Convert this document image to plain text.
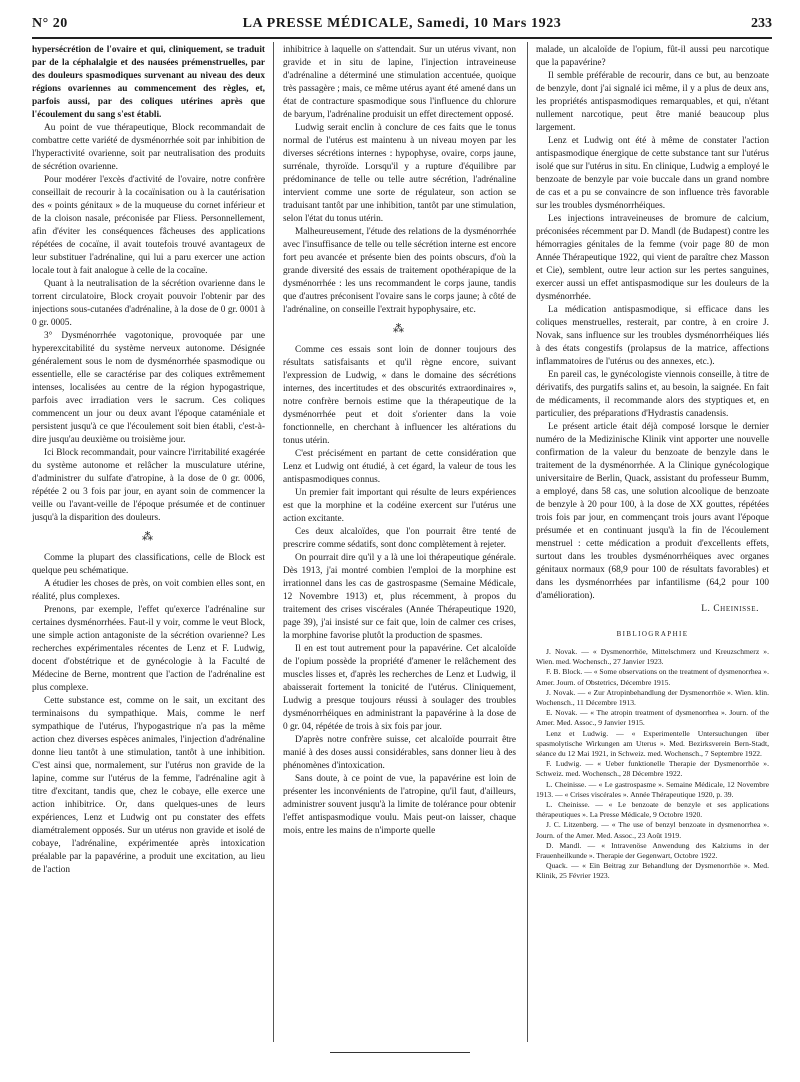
N° 20	LA PRESSE MÉDICALE, Samedi, 10 Mars 1923	233

hypersécrétion de l'ovaire et qui, cliniquement, se traduit par de la céphalalgie et des nausées prémenstruelles, par des douleurs spasmodiques survenant au niveau des deux régions ovariennes au commencement des règles, et, parfois aussi, par des coliques utérines après que l'écoulement du sang s'est établi.

Au point de vue thérapeutique, Block recommandait de combattre cette variété de dysménorrhée soit par inhibition de l'hyperactivité ovarienne, soit par neutralisation des produits de sécrétion ovarienne.

Pour modérer l'excès d'activité de l'ovaire, notre confrère conseillait de recourir à la cocaïnisation ou à la cautérisation des « points génitaux » de la muqueuse du cornet inférieur et de la cloison nasale, préconisée par Fliess. Personnellement, afin d'éviter les conséquences fâcheuses des applications répétées de cocaïne, il avait toutefois trouvé avantageux de leur substituer l'adrénaline, qui lui a paru exercer une action locale tout à fait analogue à celle de la cocaïne.

Quant à la neutralisation de la sécrétion ovarienne dans le torrent circulatoire, Block croyait pouvoir l'obtenir par des injections sous-cutanées d'adrénaline, à la dose de 0 gr. 0001 à 0 gr. 0005.

3° Dysménorrhée vagotonique, provoquée par une hyperexcitabilité du système nerveux autonome. Désignée généralement sous le nom de dysménorrhée spasmodique ou essentielle, elle se caractérise par des coliques extrêmement intenses, localisées au centre de la région hypogastrique, parfois avec irradiation vers le sacrum. Ces coliques commencent un jour ou deux avant l'époque cataméniale et persistent jusqu'à ce que l'écoulement soit bien établi, c'est-à-dire jusqu'au deuxième ou troisième jour.

Ici Block recommandait, pour vaincre l'irritabilité exagérée du système autonome et relâcher la musculature utérine, d'administrer du sulfate d'atropine, à la dose de 0 gr. 0006, répétée 2 ou 3 fois par jour, en ayant soin de commencer la veille ou l'avant-veille de l'époque présumée et de continuer jusqu'à la disparition des douleurs.

⁂

Comme la plupart des classifications, celle de Block est quelque peu schématique.

A étudier les choses de près, on voit combien elles sont, en réalité, plus complexes.

Prenons, par exemple, l'effet qu'exerce l'adrénaline sur certaines dysménorrhées. Faut-il y voir, comme le veut Block, une simple action antagoniste de la sécrétion ovarienne? Les recherches expérimentales récentes de Lenz et F. Ludwig, docent d'obstétrique et de gynécologie à la Faculté de Médecine de Berne, montrent que l'action de l'adrénaline est plus complexe.

Cette substance est, comme on le sait, un excitant des terminaisons du sympathique. Mais, comme le nerf sympathique de l'utérus, l'hypogastrique n'a pas la même action chez diverses espèces animales, l'injection d'adrénaline donne lieu tantôt à une stimulation, tantôt à une inhibition. C'est ainsi que, normalement, sur l'utérus non gravide de la lapine, comme sur l'utérus de la femme, l'adrénaline agit à titre d'excitant, tandis que, chez le cobaye, elle exerce une action inhibitrice. Or, dans quelques-unes de leurs expériences, Lenz et Ludwig ont pu constater des effets diamétralement opposés. Sur un utérus non gravide et isolé de cobaye, l'adrénaline, expérimentée après intoxication préalable par la papavérine, a produit une excitation, au lieu de l'action

inhibitrice à laquelle on s'attendait. Sur un utérus vivant, non gravide et in situ de lapine, l'injection intraveineuse d'adrénaline a déterminé une stimulation accentuée, quoique très passagère ; mais, ce même utérus ayant été amené dans un état de contracture spasmodique sous l'influence du chlorure de baryum, l'adrénaline produisit un effet directement opposé.

Ludwig serait enclin à conclure de ces faits que le tonus normal de l'utérus est maintenu à un niveau moyen par les diverses sécrétions internes : hypophyse, ovaire, corps jaune, surrénale, thyroïde. Lorsqu'il y a rupture d'équilibre par prédominance de telle ou telle autre sécrétion, l'adrénaline intervient comme une sorte de régulateur, son action se traduisant tantôt par une inhibition, tantôt par une stimulation, selon l'état du tonus utérin.

Malheureusement, l'étude des relations de la dysménorrhée avec l'insuffisance de telle ou telle sécrétion interne est encore fort peu avancée et présente bien des points obscurs, d'où la grande diversité des essais de traitement opothérapique de la dysménorrhée : les uns recommandent le corps jaune, tandis que d'autres préconisent l'ovaire sans le corps jaune; à côté de l'adrénaline, on conseille l'extrait hypophysaire, etc.

⁂

Comme ces essais sont loin de donner toujours des résultats satisfaisants et qu'il règne encore, suivant l'expression de Ludwig, « dans le domaine des sécrétions internes, des incertitudes et des obscurités extraordinaires », notre confrère bernois estime que la thérapeutique de la dysménorrhée peut et doit s'orienter dans la voie fonctionnelle, en cherchant à influencer les altérations du tonus utérin.

C'est précisément en partant de cette considération que Lenz et Ludwig ont étudié, à cet égard, la valeur de tous les antispasmodiques connus.

Un premier fait important qui résulte de leurs expériences est que la morphine et la codéine exercent sur l'utérus une action excitante.

Ces deux alcaloïdes, que l'on pourrait être tenté de prescrire comme sédatifs, sont donc complètement à rejeter.

On pourrait dire qu'il y a là une loi thérapeutique générale. Dès 1913, j'ai montré combien l'emploi de la morphine est irrationnel dans les cas de gastrospasme (Semaine Médicale, 12 Novembre 1913) et, plus récemment, à propos du traitement des crises viscérales (Année Thérapeutique 1920, page 39), j'ai insisté sur ce fait que, loin de calmer ces crises, la morphine favorise plutôt la production de spasmes.

Il en est tout autrement pour la papavérine. Cet alcaloïde de l'opium possède la propriété d'amener le relâchement des muscles lisses et, d'après les recherches de Lenz et Ludwig, il abaisserait fortement la tonicité de l'utérus. Cliniquement, Ludwig a presque toujours réussi à soulager des troubles dysménorrhéiques en administrant la papavérine à la dose de 0 gr. 04, répétée de trois à six fois par jour.

D'après notre confrère suisse, cet alcaloïde pourrait être manié à des doses aussi considérables, sans donner lieu à des phénomènes d'intoxication.

Sans doute, à ce point de vue, la papavérine est loin de présenter les inconvénients de l'atropine, qu'il faut, d'ailleurs, administrer souvent jusqu'à la limite de tolérance pour obtenir l'effet antispasmodique voulu. Mais peut-on laisser, chaque mois, entre les mains de n'importe quelle

malade, un alcaloïde de l'opium, fût-il aussi peu narcotique que la papavérine?

Il semble préférable de recourir, dans ce but, au benzoate de benzyle, dont j'ai signalé ici même, il y a plus de deux ans, les propriétés antispasmodiques remarquables, et qui, n'étant nullement narcotique, peut être manié beaucoup plus largement.

Lenz et Ludwig ont été à même de constater l'action antispasmodique énergique de cette substance tant sur l'utérus isolé que sur l'utérus in situ. En clinique, Ludwig a employé le benzoate de benzyle par voie buccale dans un grand nombre de cas et a pu se convaincre de son influence très favorable sur les troubles dysménorrhéiques.

Les injections intraveineuses de bromure de calcium, préconisées récemment par D. Mandl (de Budapest) contre les hémorragies génitales de la femme (voir page 80 de mon Année Thérapeutique 1922, qui vient de paraître chez Masson et Cie), semblent, outre leur action sur les pertes sanguines, exercer aussi un effet antispasmodique sur les douleurs de la dysménorrhée.

La médication antispasmodique, si efficace dans les coliques menstruelles, resterait, par contre, à en croire J. Novak, sans influence sur les troubles dysménorrhéiques liés à des états congestifs (prolapsus de la matrice, affections inflammatoires de l'utérus ou des annexes, etc.).

En pareil cas, le gynécologiste viennois conseille, à titre de dérivatifs, des purgatifs salins et, au besoin, la saignée. En fait de médicaments, il recommande alors des styptiques et, en particulier, des préparations d'Hydrastis canadensis.

Le présent article était déjà composé lorsque le dernier numéro de la Medizinische Klinik vint apporter une nouvelle confirmation de la valeur du benzoate de benzyle dans le traitement de la dysménorrhée. A la Clinique gynécologique universitaire de Berlin, Quack, assistant du professeur Bumm, a employé, dans 58 cas, une solution alcoolique de benzoate de benzyle à 20 pour 100, à la dose de XX gouttes, répétées trois fois par jour, en commençant trois jours avant l'époque présumée et en continuant jusqu'à la fin de l'écoulement menstruel : cette médication a produit d'excellents effets, surtout dans les troubles dysménorrhéiques avec organes génitaux normaux (68,9 pour 100 de résultats favorables) et dans les dysménorrhées par infantilisme (64,2 pour 100 d'amélioration).

L. Cheinisse.

BIBLIOGRAPHIE

J. Novak. — « Dysmenorrhöe, Mittelschmerz und Kreuzschmerz ». Wien. med. Wochensch., 27 Janvier 1923.

F. B. Block. — « Some observations on the treatment of dysmenorrhea ». Amer. Journ. of Obstetrics, Décembre 1915.

J. Novak. — « Zur Atropinbehandlung der Dysmenorrhöe ». Wien. klin. Wochensch., 11 Décembre 1913.

E. Novak. — « The atropin treatment of dysmenorrhea ». Journ. of the Amer. Med. Assoc., 9 Janvier 1915.

Lenz et Ludwig. — « Experimentelle Untersuchungen über spasmolytische Wirkungen am Uterus ». Med. Bezirksverein Bern-Stadt, séance du 12 Mai 1921, in Schweiz. med. Wochensch., 7 Septembre 1922.

F. Ludwig. — « Ueber funktionelle Therapie der Dysmenorrhöe ». Schweiz. med. Wochensch., 28 Décembre 1922.

L. Cheinisse. — « Le gastrospasme ». Semaine Médicale, 12 Novembre 1913. — « Crises viscérales ». Année Thérapeutique 1920, p. 39.

L. Cheinisse. — « Le benzoate de benzyle et ses applications thérapeutiques ». La Presse Médicale, 9 Octobre 1920.

J. C. Litzenberg. — « The use of benzyl benzoate in dysmenorrhea ». Journ. of the Amer. Med. Assoc., 23 Août 1919.

D. Mandl. — « Intravenöse Anwendung des Kalziums in der Frauenheilkunde ». Therapie der Gegenwart, Octobre 1922.

Quack. — « Ein Beitrag zur Behandlung der Dysmenorrhöe ». Med. Klinik, 25 Février 1923.
